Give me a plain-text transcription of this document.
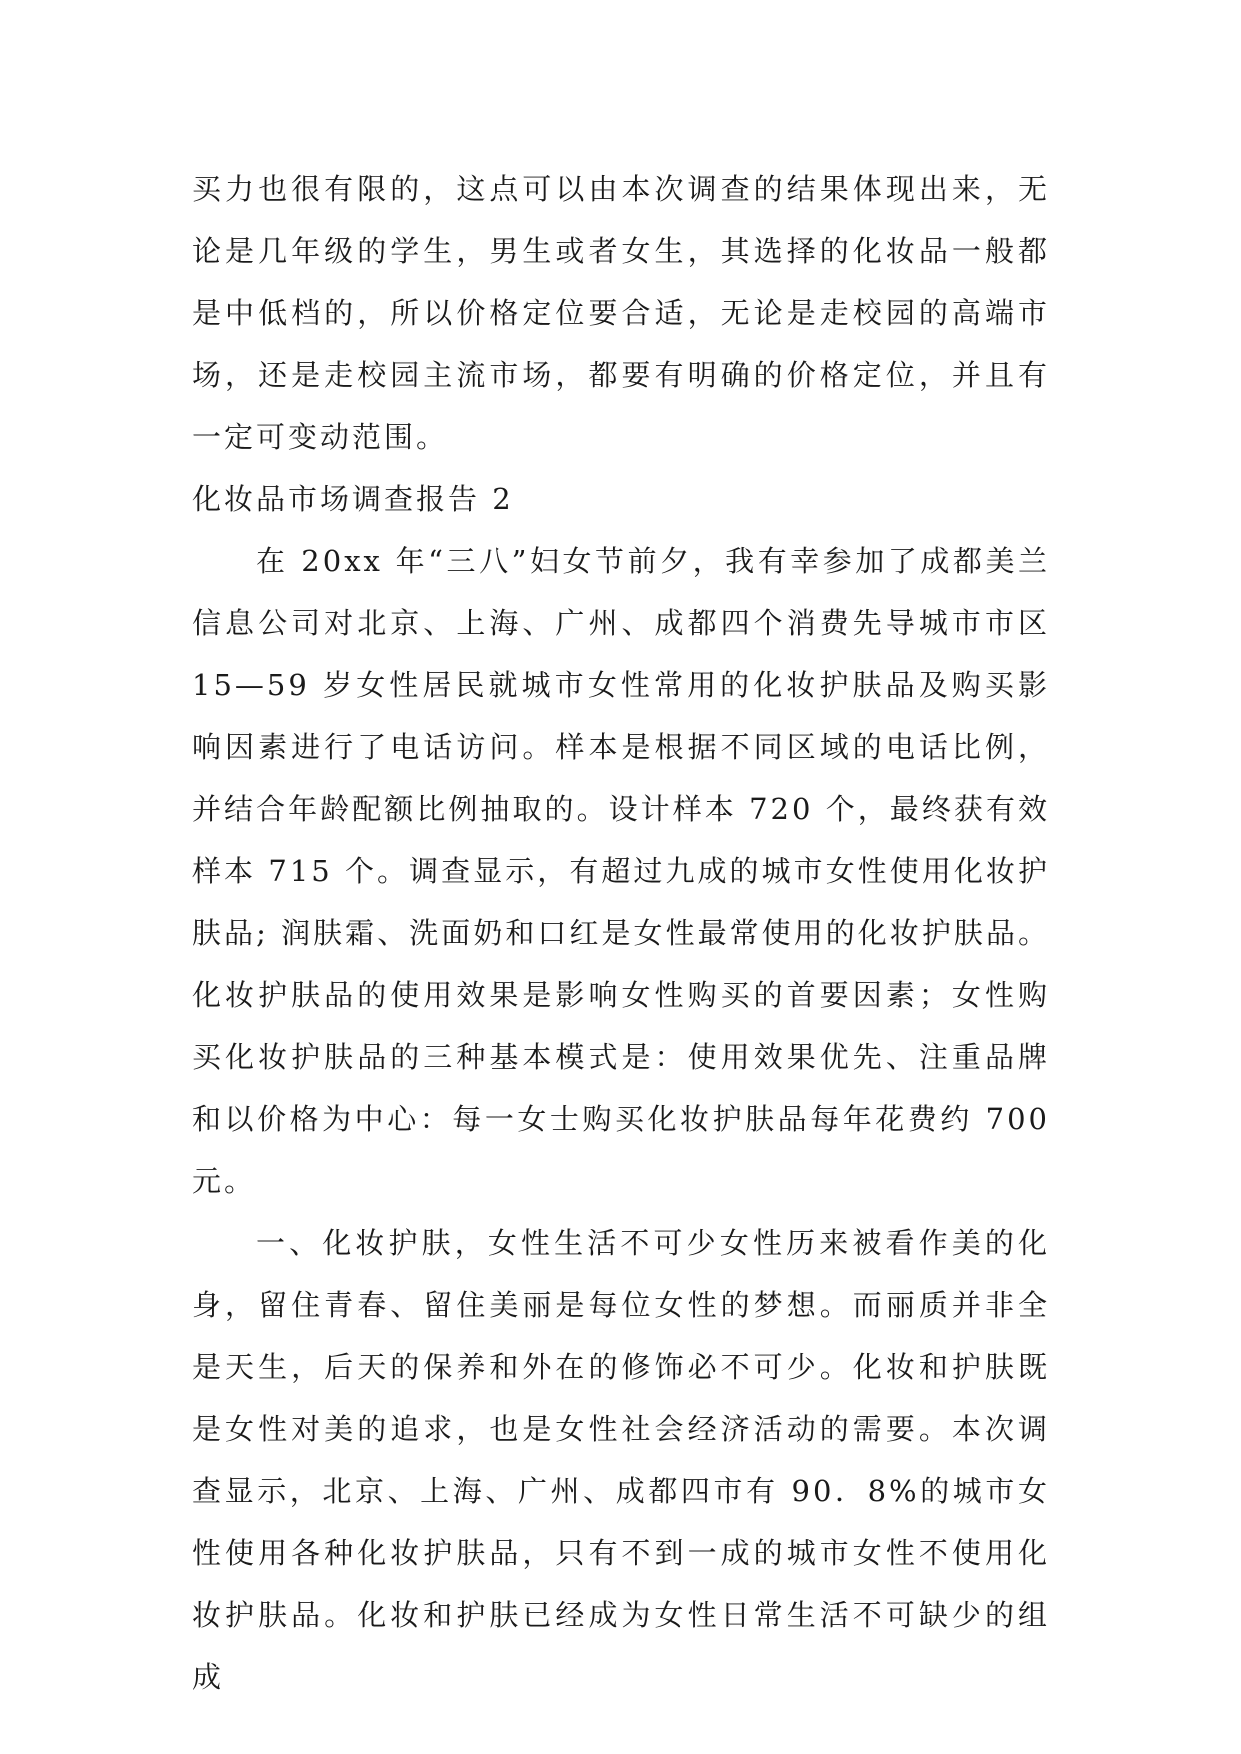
买力也很有限的，这点可以由本次调查的结果体现出来，无论是几年级的学生，男生或者女生，其选择的化妆品一般都是中低档的，所以价格定位要合适，无论是走校园的高端市场，还是走校园主流市场，都要有明确的价格定位，并且有一定可变动范围。

化妆品市场调查报告 2

在 20xx 年“三八”妇女节前夕，我有幸参加了成都美兰信息公司对北京、上海、广州、成都四个消费先导城市市区 15—59 岁女性居民就城市女性常用的化妆护肤品及购买影响因素进行了电话访问。样本是根据不同区域的电话比例，并结合年龄配额比例抽取的。设计样本 720 个，最终获有效样本 715 个。调查显示，有超过九成的城市女性使用化妆护肤品; 润肤霜、洗面奶和口红是女性最常使用的化妆护肤品。化妆护肤品的使用效果是影响女性购买的首要因素；女性购买化妆护肤品的三种基本模式是：使用效果优先、注重品牌和以价格为中心：每一女士购买化妆护肤品每年花费约 700元。

一、化妆护肤，女性生活不可少女性历来被看作美的化身，留住青春、留住美丽是每位女性的梦想。而丽质并非全是天生，后天的保养和外在的修饰必不可少。化妆和护肤既是女性对美的追求，也是女性社会经济活动的需要。本次调查显示，北京、上海、广州、成都四市有 90．8%的城市女性使用各种化妆护肤品，只有不到一成的城市女性不使用化妆护肤品。化妆和护肤已经成为女性日常生活不可缺少的组成
